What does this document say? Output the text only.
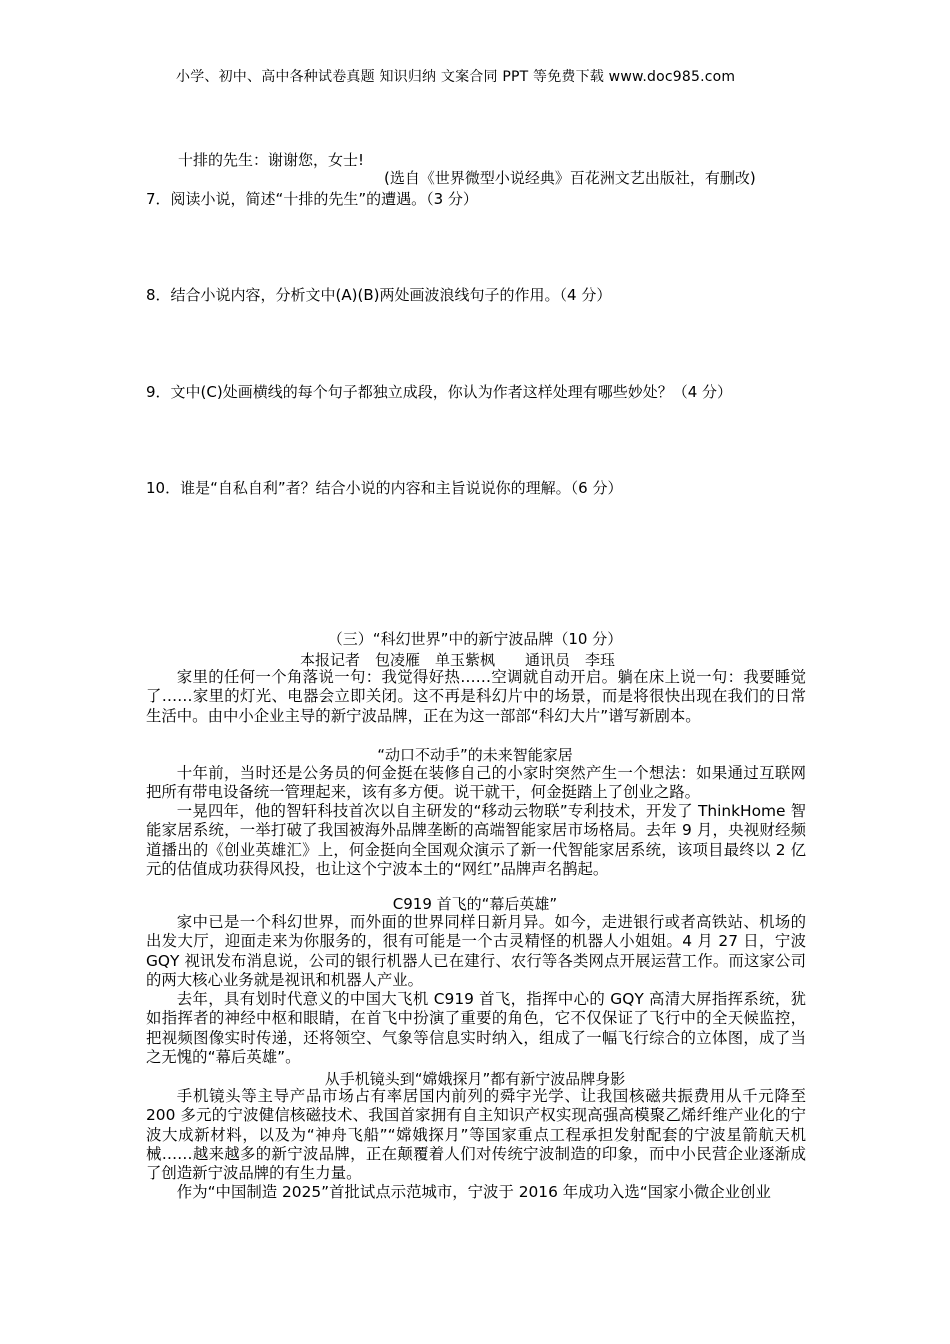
小学、初中、高中各种试卷真题 知识归纳 文案合同 PPT 等免费下载 www.doc985.com
十排的先生：谢谢您，女士!
(选自《世界微型小说经典》百花洲文艺出版社，有删改)
7．阅读小说，简述“十排的先生”的遭遇。（3 分）
8．结合小说内容，分析文中(A)(B)两处画波浪线句子的作用。（4 分）
9．文中(C)处画横线的每个句子都独立成段，你认为作者这样处理有哪些妙处？（4 分）
10．谁是“自私自利”者？结合小说的内容和主旨说说你的理解。（6 分）
（三）“科幻世界”中的新宁波品牌（10 分）
本报记者　包凌雁　单玉紫枫　　通讯员　李珏
家里的任何一个角落说一句：我觉得好热……空调就自动开启。躺在床上说一句：我要睡觉了……家里的灯光、电器会立即关闭。这不再是科幻片中的场景，而是将很快出现在我们的日常生活中。由中小企业主导的新宁波品牌，正在为这一部部“科幻大片”谱写新剧本。
“动口不动手”的未来智能家居
十年前，当时还是公务员的何金挺在装修自己的小家时突然产生一个想法：如果通过互联网把所有带电设备统一管理起来，该有多方便。说干就干，何金挺踏上了创业之路。
一晃四年，他的智轩科技首次以自主研发的“移动云物联”专利技术，开发了 ThinkHome 智能家居系统，一举打破了我国被海外品牌垄断的高端智能家居市场格局。去年 9 月，央视财经频道播出的《创业英雄汇》上，何金挺向全国观众演示了新一代智能家居系统，该项目最终以 2 亿元的估值成功获得风投，也让这个宁波本土的“网红”品牌声名鹊起。
C919 首飞的“幕后英雄”
家中已是一个科幻世界，而外面的世界同样日新月异。如今，走进银行或者高铁站、机场的出发大厅，迎面走来为你服务的，很有可能是一个古灵精怪的机器人小姐姐。4 月 27 日，宁波 GQY 视讯发布消息说，公司的银行机器人已在建行、农行等各类网点开展运营工作。而这家公司的两大核心业务就是视讯和机器人产业。
去年，具有划时代意义的中国大飞机 C919 首飞，指挥中心的 GQY 高清大屏指挥系统，犹如指挥者的神经中枢和眼睛，在首飞中扮演了重要的角色，它不仅保证了飞行中的全天候监控，把视频图像实时传递，还将领空、气象等信息实时纳入，组成了一幅飞行综合的立体图，成了当之无愧的“幕后英雄”。
从手机镜头到“嫦娥探月”都有新宁波品牌身影
手机镜头等主导产品市场占有率居国内前列的舜宇光学、让我国核磁共振费用从千元降至 200 多元的宁波健信核磁技术、我国首家拥有自主知识产权实现高强高模聚乙烯纤维产业化的宁波大成新材料，以及为“神舟飞船”“嫦娥探月”等国家重点工程承担发射配套的宁波星箭航天机械……越来越多的新宁波品牌，正在颠覆着人们对传统宁波制造的印象，而中小民营企业逐渐成了创造新宁波品牌的有生力量。
作为“中国制造 2025”首批试点示范城市，宁波于 2016 年成功入选“国家小微企业创业
